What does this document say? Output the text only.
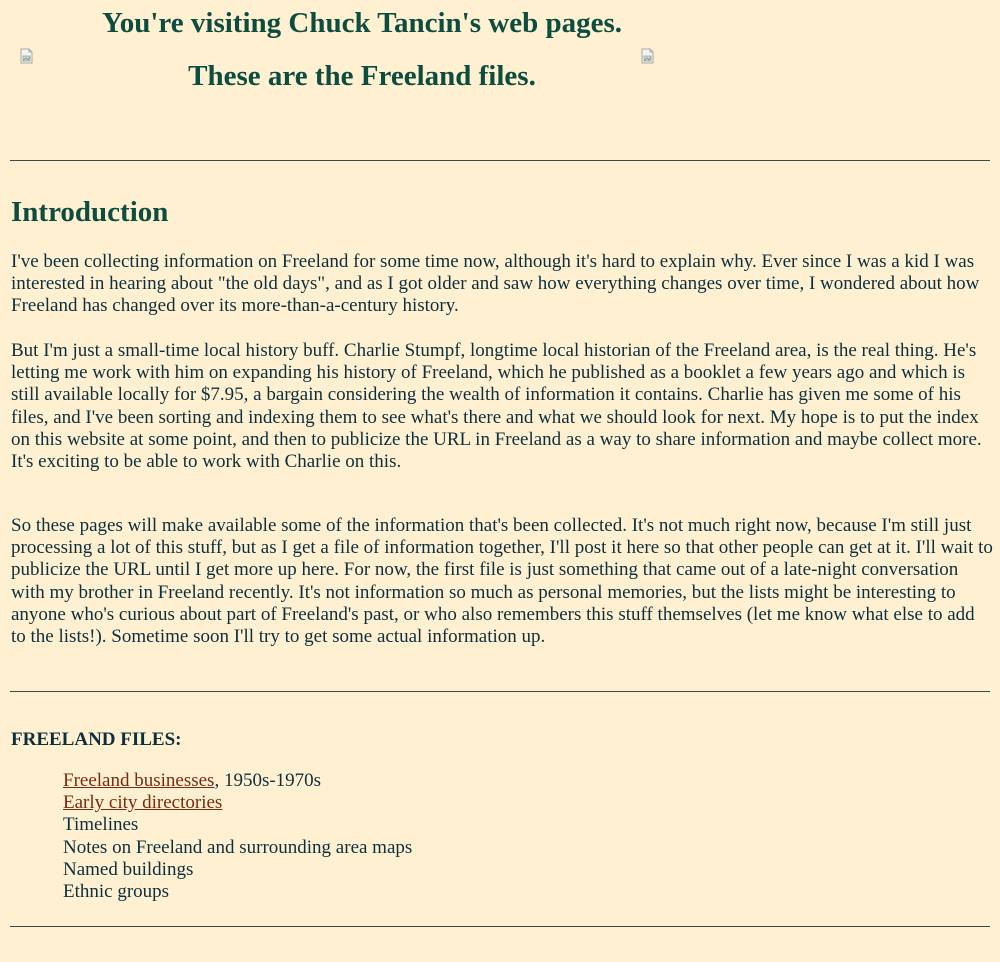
You're visiting Chuck Tancin's web pages.
These are the Freeland files.
Introduction

I've been collecting information on Freeland for some time now, although it's hard to explain why. Ever since I was a kid I was interested in hearing about "the old days", and as I got older and saw how everything changes over time, I wondered about how Freeland has changed over its more-than-a-century history.

But I'm just a small-time local history buff. Charlie Stumpf, longtime local historian of the Freeland area, is the real thing. He's letting me work with him on expanding his history of Freeland, which he published as a booklet a few years ago and which is still available locally for $7.95, a bargain considering the wealth of information it contains. Charlie has given me some of his files, and I've been sorting and indexing them to see what's there and what we should look for next. My hope is to put the index on this website at some point, and then to publicize the URL in Freeland as a way to share information and maybe collect more. It's exciting to be able to work with Charlie on this.

So these pages will make available some of the information that's been collected. It's not much right now, because I'm still just processing a lot of this stuff, but as I get a file of information together, I'll post it here so that other people can get at it. I'll wait to publicize the URL until I get more up here. For now, the first file is just something that came out of a late-night conversation with my brother in Freeland recently. It's not information so much as personal memories, but the lists might be interesting to anyone who's curious about part of Freeland's past, or who also remembers this stuff themselves (let me know what else to add to the lists!). Sometime soon I'll try to get some actual information up.

FREELAND FILES:
Freeland businesses, 1950s-1970s
Early city directories
Timelines
Notes on Freeland and surrounding area maps
Named buildings
Ethnic groups
